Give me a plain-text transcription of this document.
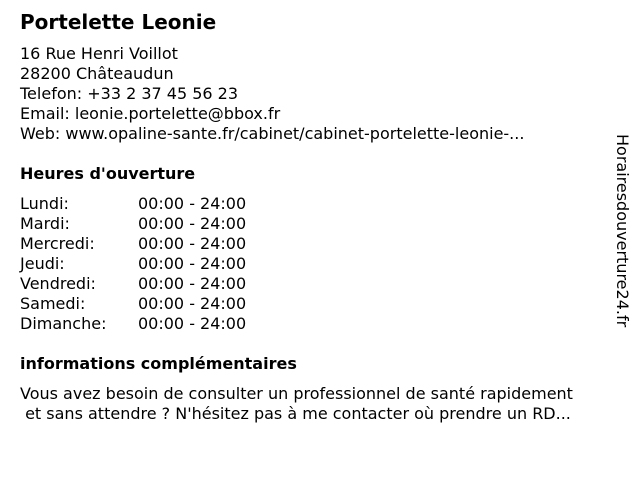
Portelette Leonie
16 Rue Henri Voillot
28200 Châteaudun
Telefon: +33 2 37 45 56 23
Email: leonie.portelette@bbox.fr
Web: www.opaline-sante.fr/cabinet/cabinet-portelette-leonie-...
Heures d'ouverture
Lundi:	00:00 - 24:00
Mardi:	00:00 - 24:00
Mercredi:	00:00 - 24:00
Jeudi:	00:00 - 24:00
Vendredi:	00:00 - 24:00
Samedi:	00:00 - 24:00
Dimanche: 00:00 - 24:00
informations complémentaires
Vous avez besoin de consulter un professionnel de santé rapidement
et sans attendre ? N'hésitez pas à me contacter où prendre un RD...
Horairesdouverture24.fr
